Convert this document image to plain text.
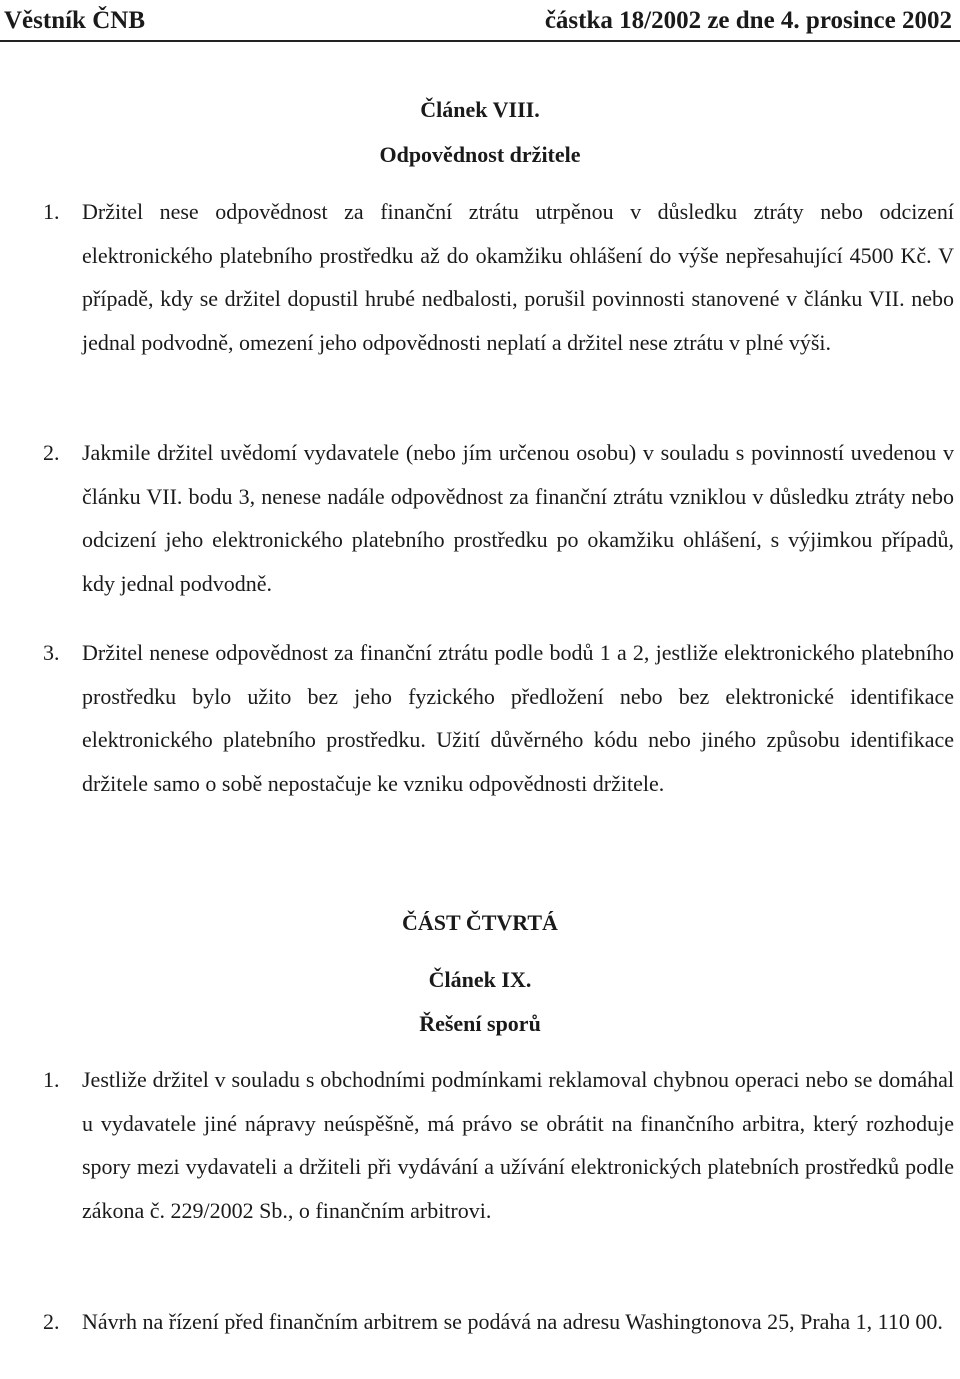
Věstník ČNB	částka 18/2002 ze dne 4. prosince 2002
Článek VIII.
Odpovědnost držitele
1. Držitel nese odpovědnost za finanční ztrátu utrpěnou v důsledku ztráty nebo odcizení elektronického platebního prostředku až do okamžiku ohlášení do výše nepřesahující 4500 Kč. V případě, kdy se držitel dopustil hrubé nedbalosti, porušil povinnosti stanovené v článku VII. nebo jednal podvodně, omezení jeho odpovědnosti neplatí a držitel nese ztrátu v plné výši.
2. Jakmile držitel uvědomí vydavatele (nebo jím určenou osobu) v souladu s povinností uvedenou v článku VII. bodu 3, nenese nadále odpovědnost za finanční ztrátu vzniklou v důsledku ztráty nebo odcizení jeho elektronického platebního prostředku po okamžiku ohlášení, s výjimkou případů, kdy jednal podvodně.
3. Držitel nenese odpovědnost za finanční ztrátu podle bodů 1 a 2, jestliže elektronického platebního prostředku bylo užito bez jeho fyzického předložení nebo bez elektronické identifikace elektronického platebního prostředku. Užití důvěrného kódu nebo jiného způsobu identifikace držitele samo o sobě nepostačuje ke vzniku odpovědnosti držitele.
ČÁST ČTVRTÁ
Článek IX.
Řešení sporů
1. Jestliže držitel v souladu s obchodními podmínkami reklamoval chybnou operaci nebo se domáhal u vydavatele jiné nápravy neúspěšně, má právo se obrátit na finančního arbitra, který rozhoduje spory mezi vydavateli a držiteli při vydávání a užívání elektronických platebních prostředků podle zákona č. 229/2002 Sb., o finančním arbitrovi.
2. Návrh na řízení před finančním arbitrem se podává na adresu Washingtonova 25, Praha 1, 110 00.
